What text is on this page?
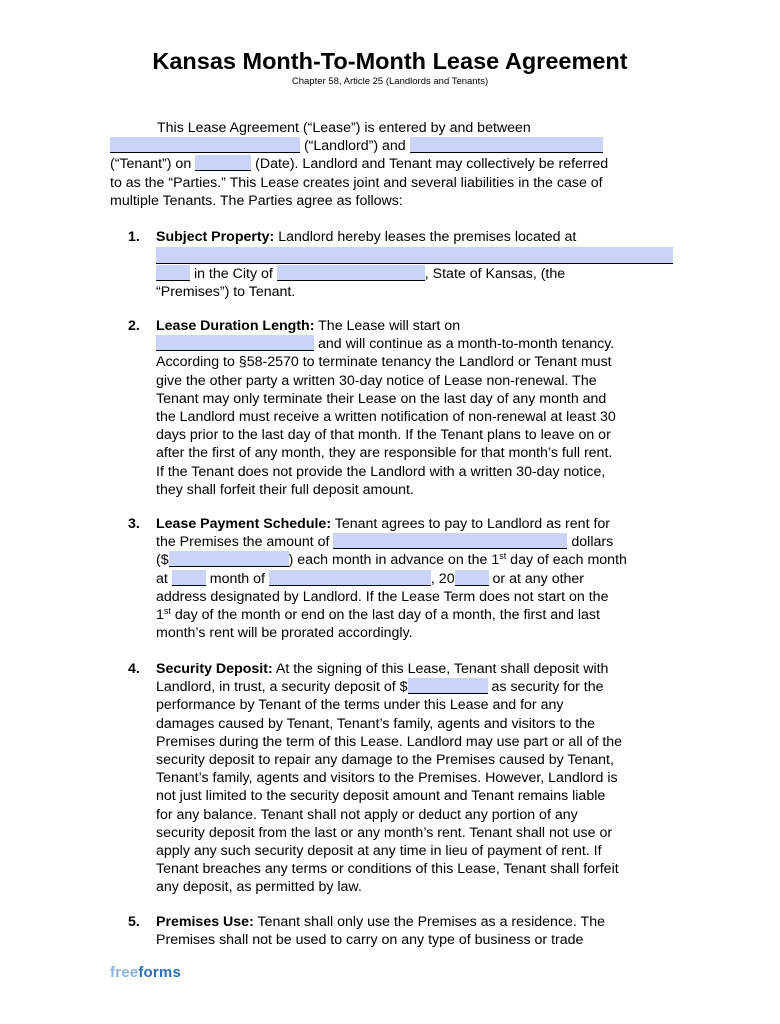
Kansas Month-To-Month Lease Agreement
Chapter 58, Article 25 (Landlords and Tenants)
This Lease Agreement (“Lease”) is entered by and between
(“Landlord”) and
(“Tenant”) on	(Date). Landlord and Tenant may collectively be referred
to as the “Parties.” This Lease creates joint and several liabilities in the case of
multiple Tenants. The Parties agree as follows:
1.	Subject Property: Landlord hereby leases the premises located at
in the City of	, State of Kansas, (the
“Premises”) to Tenant.
2.	Lease Duration Length: The Lease will start on
and will continue as a month-to-month tenancy.
According to §58-2570 to terminate tenancy the Landlord or Tenant must
give the other party a written 30-day notice of Lease non-renewal. The
Tenant may only terminate their Lease on the last day of any month and
the Landlord must receive a written notification of non-renewal at least 30
days prior to the last day of that month. If the Tenant plans to leave on or
after the first of any month, they are responsible for that month’s full rent.
If the Tenant does not provide the Landlord with a written 30-day notice,
they shall forfeit their full deposit amount.
3.	Lease Payment Schedule: Tenant agrees to pay to Landlord as rent for
the Premises the amount of	dollars
($	) each month in advance on the 1st day of each month
at	month of	, 20	or at any other
address designated by Landlord. If the Lease Term does not start on the
1st day of the month or end on the last day of a month, the first and last
month’s rent will be prorated accordingly.
4.	Security Deposit: At the signing of this Lease, Tenant shall deposit with
Landlord, in trust, a security deposit of $	as security for the
performance by Tenant of the terms under this Lease and for any
damages caused by Tenant, Tenant’s family, agents and visitors to the
Premises during the term of this Lease. Landlord may use part or all of the
security deposit to repair any damage to the Premises caused by Tenant,
Tenant’s family, agents and visitors to the Premises. However, Landlord is
not just limited to the security deposit amount and Tenant remains liable
for any balance. Tenant shall not apply or deduct any portion of any
security deposit from the last or any month’s rent. Tenant shall not use or
apply any such security deposit at any time in lieu of payment of rent. If
Tenant breaches any terms or conditions of this Lease, Tenant shall forfeit
any deposit, as permitted by law.
5.	Premises Use: Tenant shall only use the Premises as a residence. The
Premises shall not be used to carry on any type of business or trade
freeforms
